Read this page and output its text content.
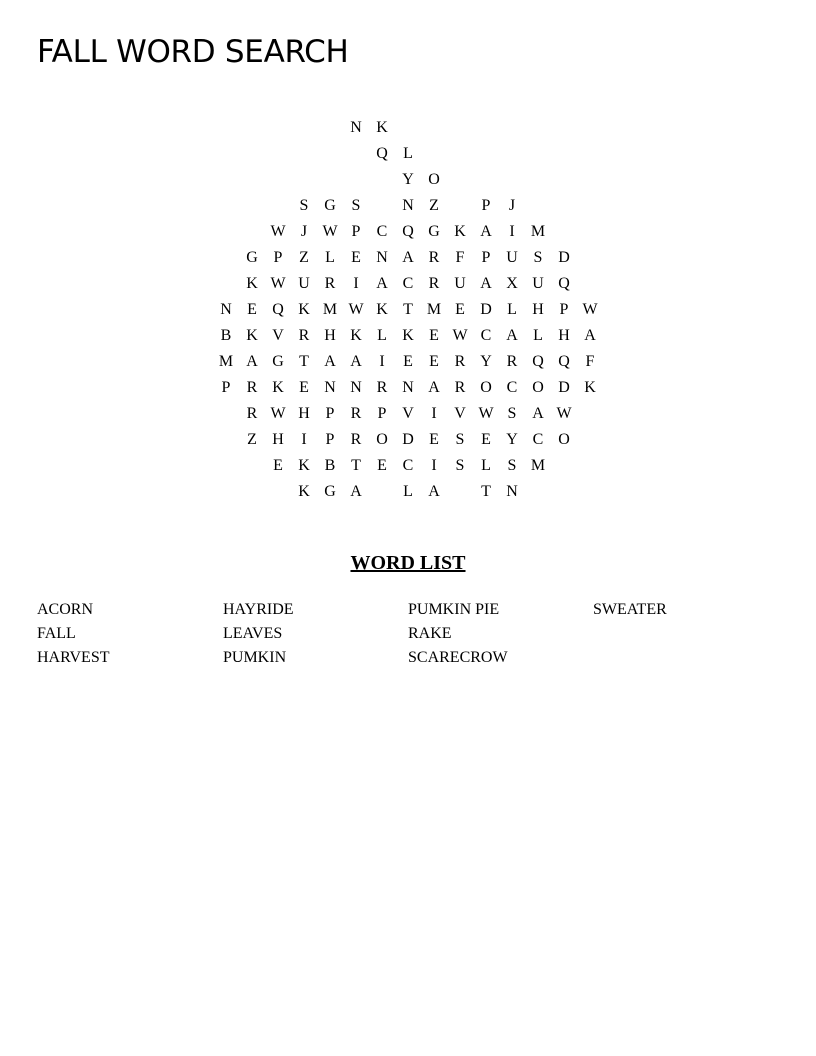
FALL WORD SEARCH
N K
Q L
Y O
S G S	N Z	P	J
W J W P	C Q G K A	I	M
G P	Z	L	E N A R	F	P U S D
K W U R	I	A C R U A X U Q
N E Q K M W K T M E D L H P W
B K V R H K L K E W C A L H A
M A G T A A	I	E	E R Y R Q Q F
P	R K E N N R N A R O C O D K
R W H P	R	P V	I	V W S A W
Z H	I	P	R O D E	S	E Y C O
E K B T	E C	I	S	L	S M
K G A	L A	T N
WORD LIST
ACORN
FALL
HARVEST
HAYRIDE
LEAVES
PUMKIN
PUMKIN PIE
RAKE
SCARECROW
SWEATER
